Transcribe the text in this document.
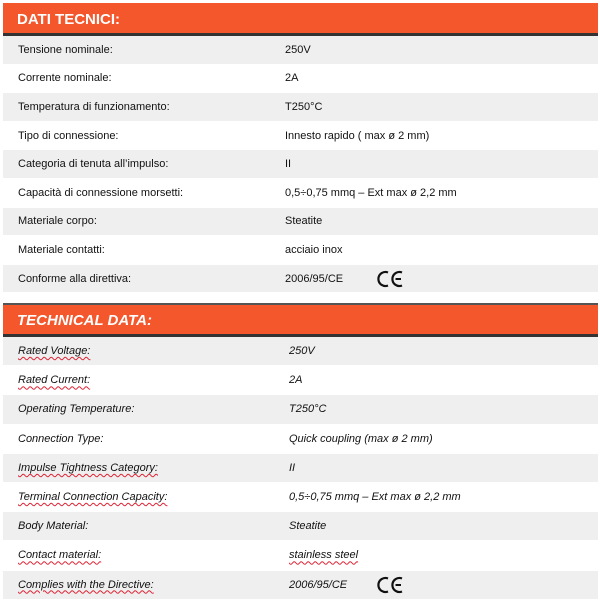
DATI TECNICI:
Tensione nominale:	250V
Corrente nominale:	2A
Temperatura di funzionamento:	T250°C
Tipo di connessione:	Innesto rapido ( max ø 2 mm)
Categoria di tenuta all’impulso:	II
Capacità di connessione morsetti:	0,5÷0,75 mmq – Ext max ø 2,2 mm
Materiale corpo:	Steatite
Materiale contatti:	acciaio inox
Conforme alla direttiva:	2006/95/CE
TECHNICAL DATA:
Rated Voltage:	250V
Rated Current:	2A
Operating Temperature:	T250°C
Connection Type:	Quick coupling (max ø 2 mm)
Impulse Tightness Category:	II
Terminal Connection Capacity:	0,5÷0,75 mmq – Ext max ø 2,2 mm
Body Material:	Steatite
Contact material:	stainless steel
Complies with the Directive:	2006/95/CE
